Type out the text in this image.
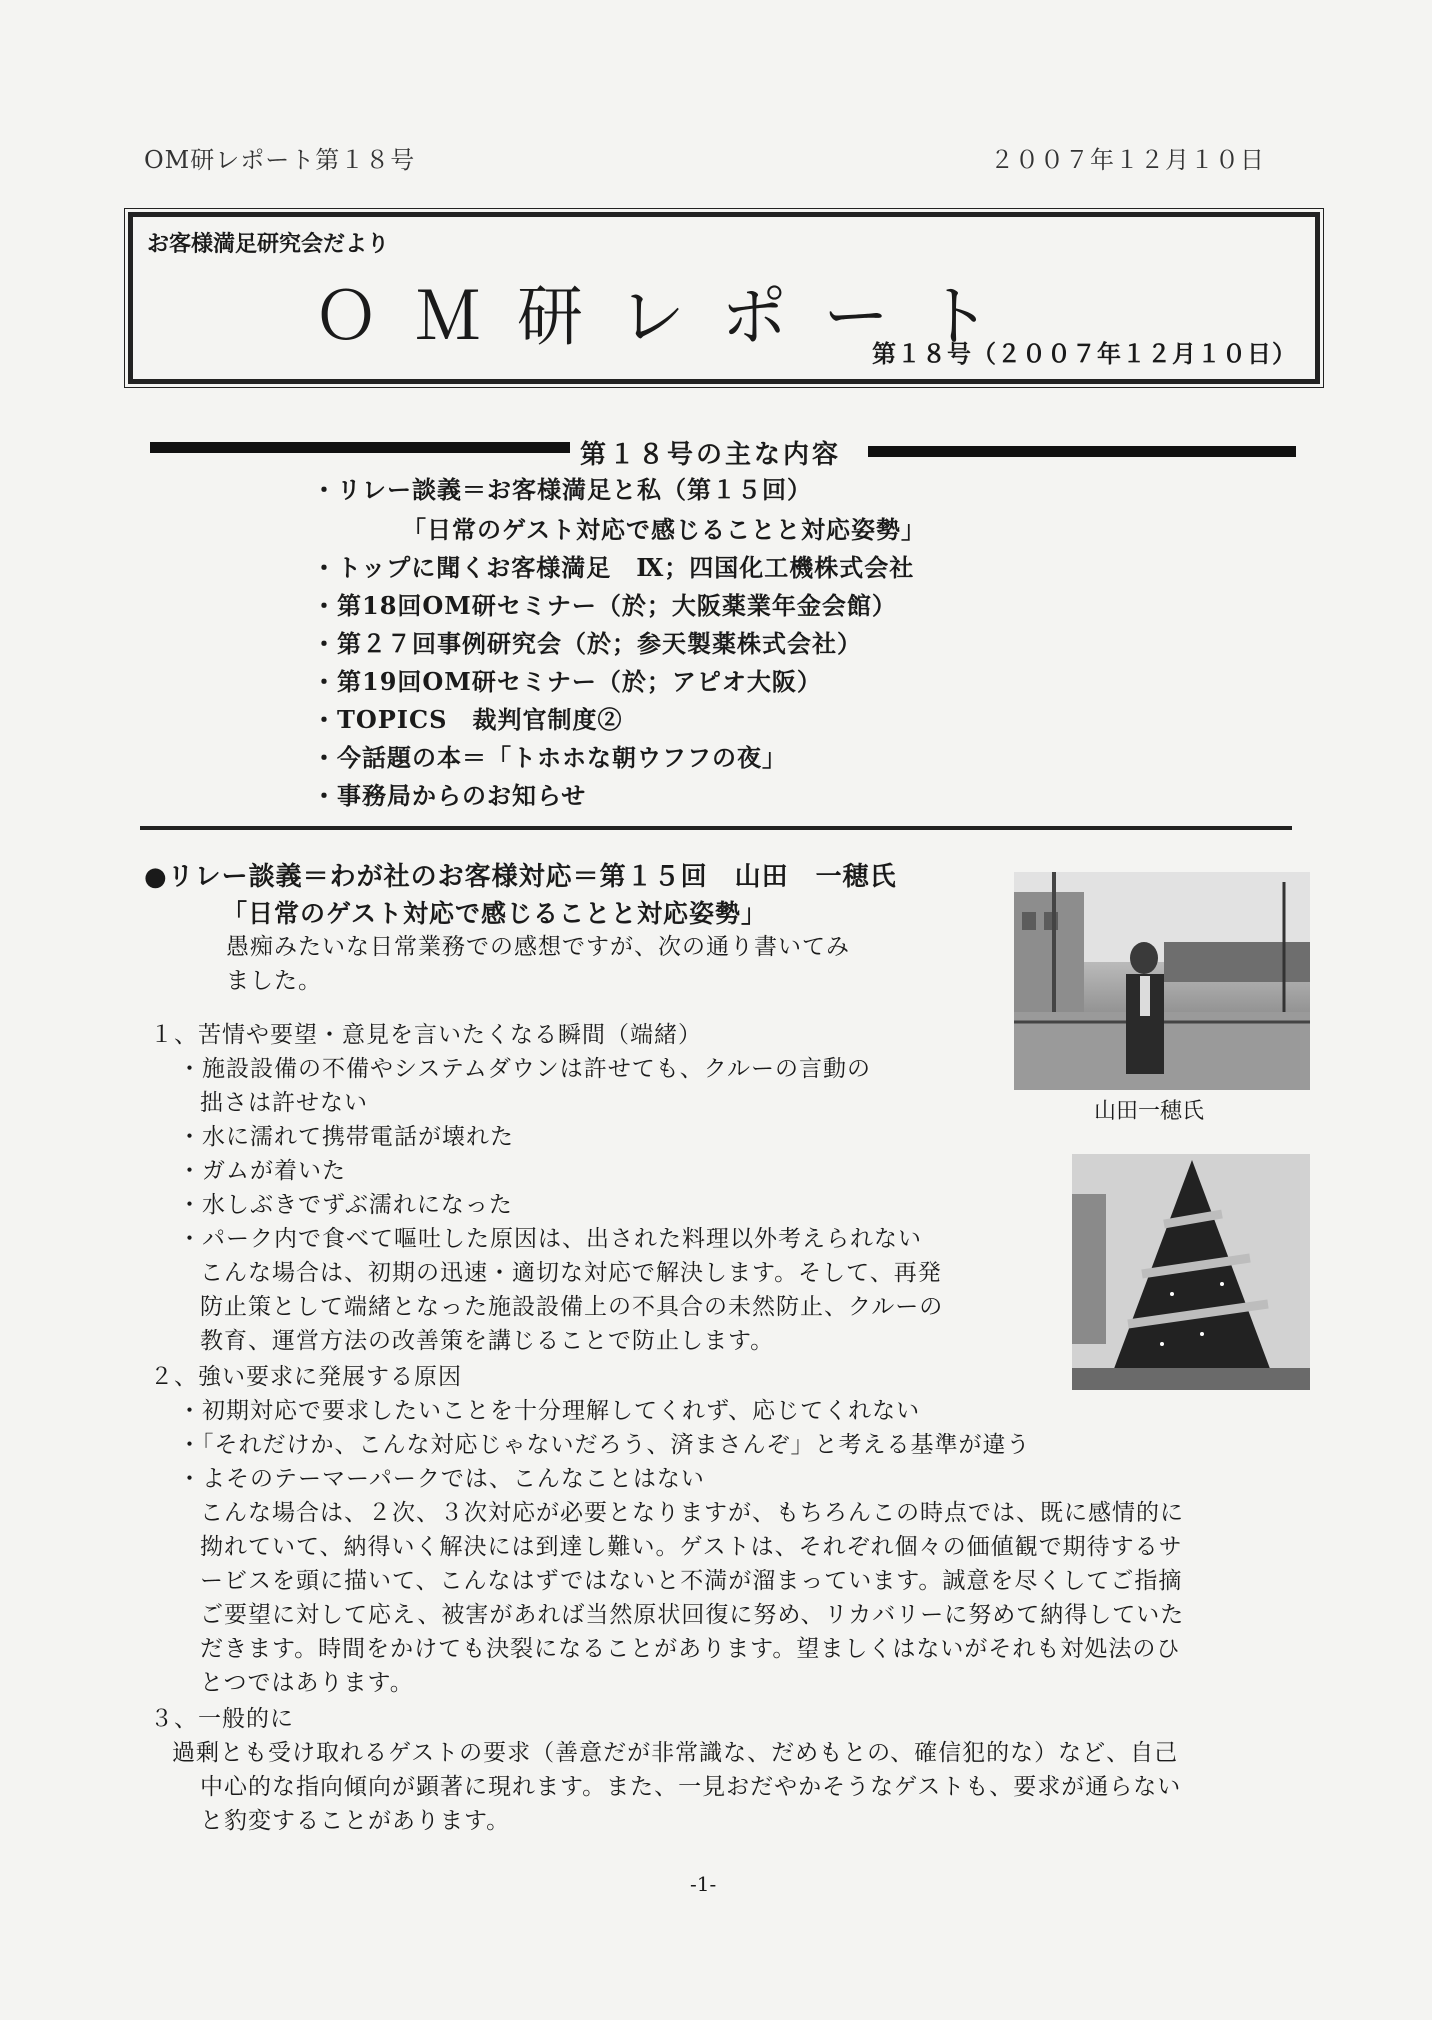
OM研レポート第１８号	２００７年１２月１０日
お客様満足研究会だより
ＯＭ研レポート
第１８号（２００７年１２月１０日）
第１８号の主な内容
・リレー談義＝お客様満足と私（第１５回）
「日常のゲスト対応で感じることと対応姿勢」
・トップに聞くお客様満足　Ⅸ；四国化工機株式会社
・第18回OM研セミナー（於；大阪薬業年金会館）
・第２７回事例研究会（於；参天製薬株式会社）
・第19回OM研セミナー（於；アピオ大阪）
・TOPICS　裁判官制度②
・今話題の本＝「トホホな朝ウフフの夜」
・事務局からのお知らせ
●リレー談義＝わが社のお客様対応＝第１５回　山田　一穂氏
「日常のゲスト対応で感じることと対応姿勢」
愚痴みたいな日常業務での感想ですが、次の通り書いてみ
ました。
１、苦情や要望・意見を言いたくなる瞬間（端緒）
・施設設備の不備やシステムダウンは許せても、クルーの言動の
拙さは許せない
・水に濡れて携帯電話が壊れた
・ガムが着いた
・水しぶきでずぶ濡れになった
・パーク内で食べて嘔吐した原因は、出された料理以外考えられない
こんな場合は、初期の迅速・適切な対応で解決します。そして、再発
防止策として端緒となった施設設備上の不具合の未然防止、クルーの
教育、運営方法の改善策を講じることで防止します。
２、強い要求に発展する原因
・初期対応で要求したいことを十分理解してくれず、応じてくれない
・「それだけか、こんな対応じゃないだろう、済まさんぞ」と考える基準が違う
・よそのテーマーパークでは、こんなことはない
こんな場合は、２次、３次対応が必要となりますが、もちろんこの時点では、既に感情的に
拗れていて、納得いく解決には到達し難い。ゲストは、それぞれ個々の価値観で期待するサ
ービスを頭に描いて、こんなはずではないと不満が溜まっています。誠意を尽くしてご指摘
ご要望に対して応え、被害があれば当然原状回復に努め、リカバリーに努めて納得していた
だきます。時間をかけても決裂になることがあります。望ましくはないがそれも対処法のひ
とつではあります。
３、一般的に
過剰とも受け取れるゲストの要求（善意だが非常識な、だめもとの、確信犯的な）など、自己
中心的な指向傾向が顕著に現れます。また、一見おだやかそうなゲストも、要求が通らない
と豹変することがあります。
山田一穂氏
-1-
